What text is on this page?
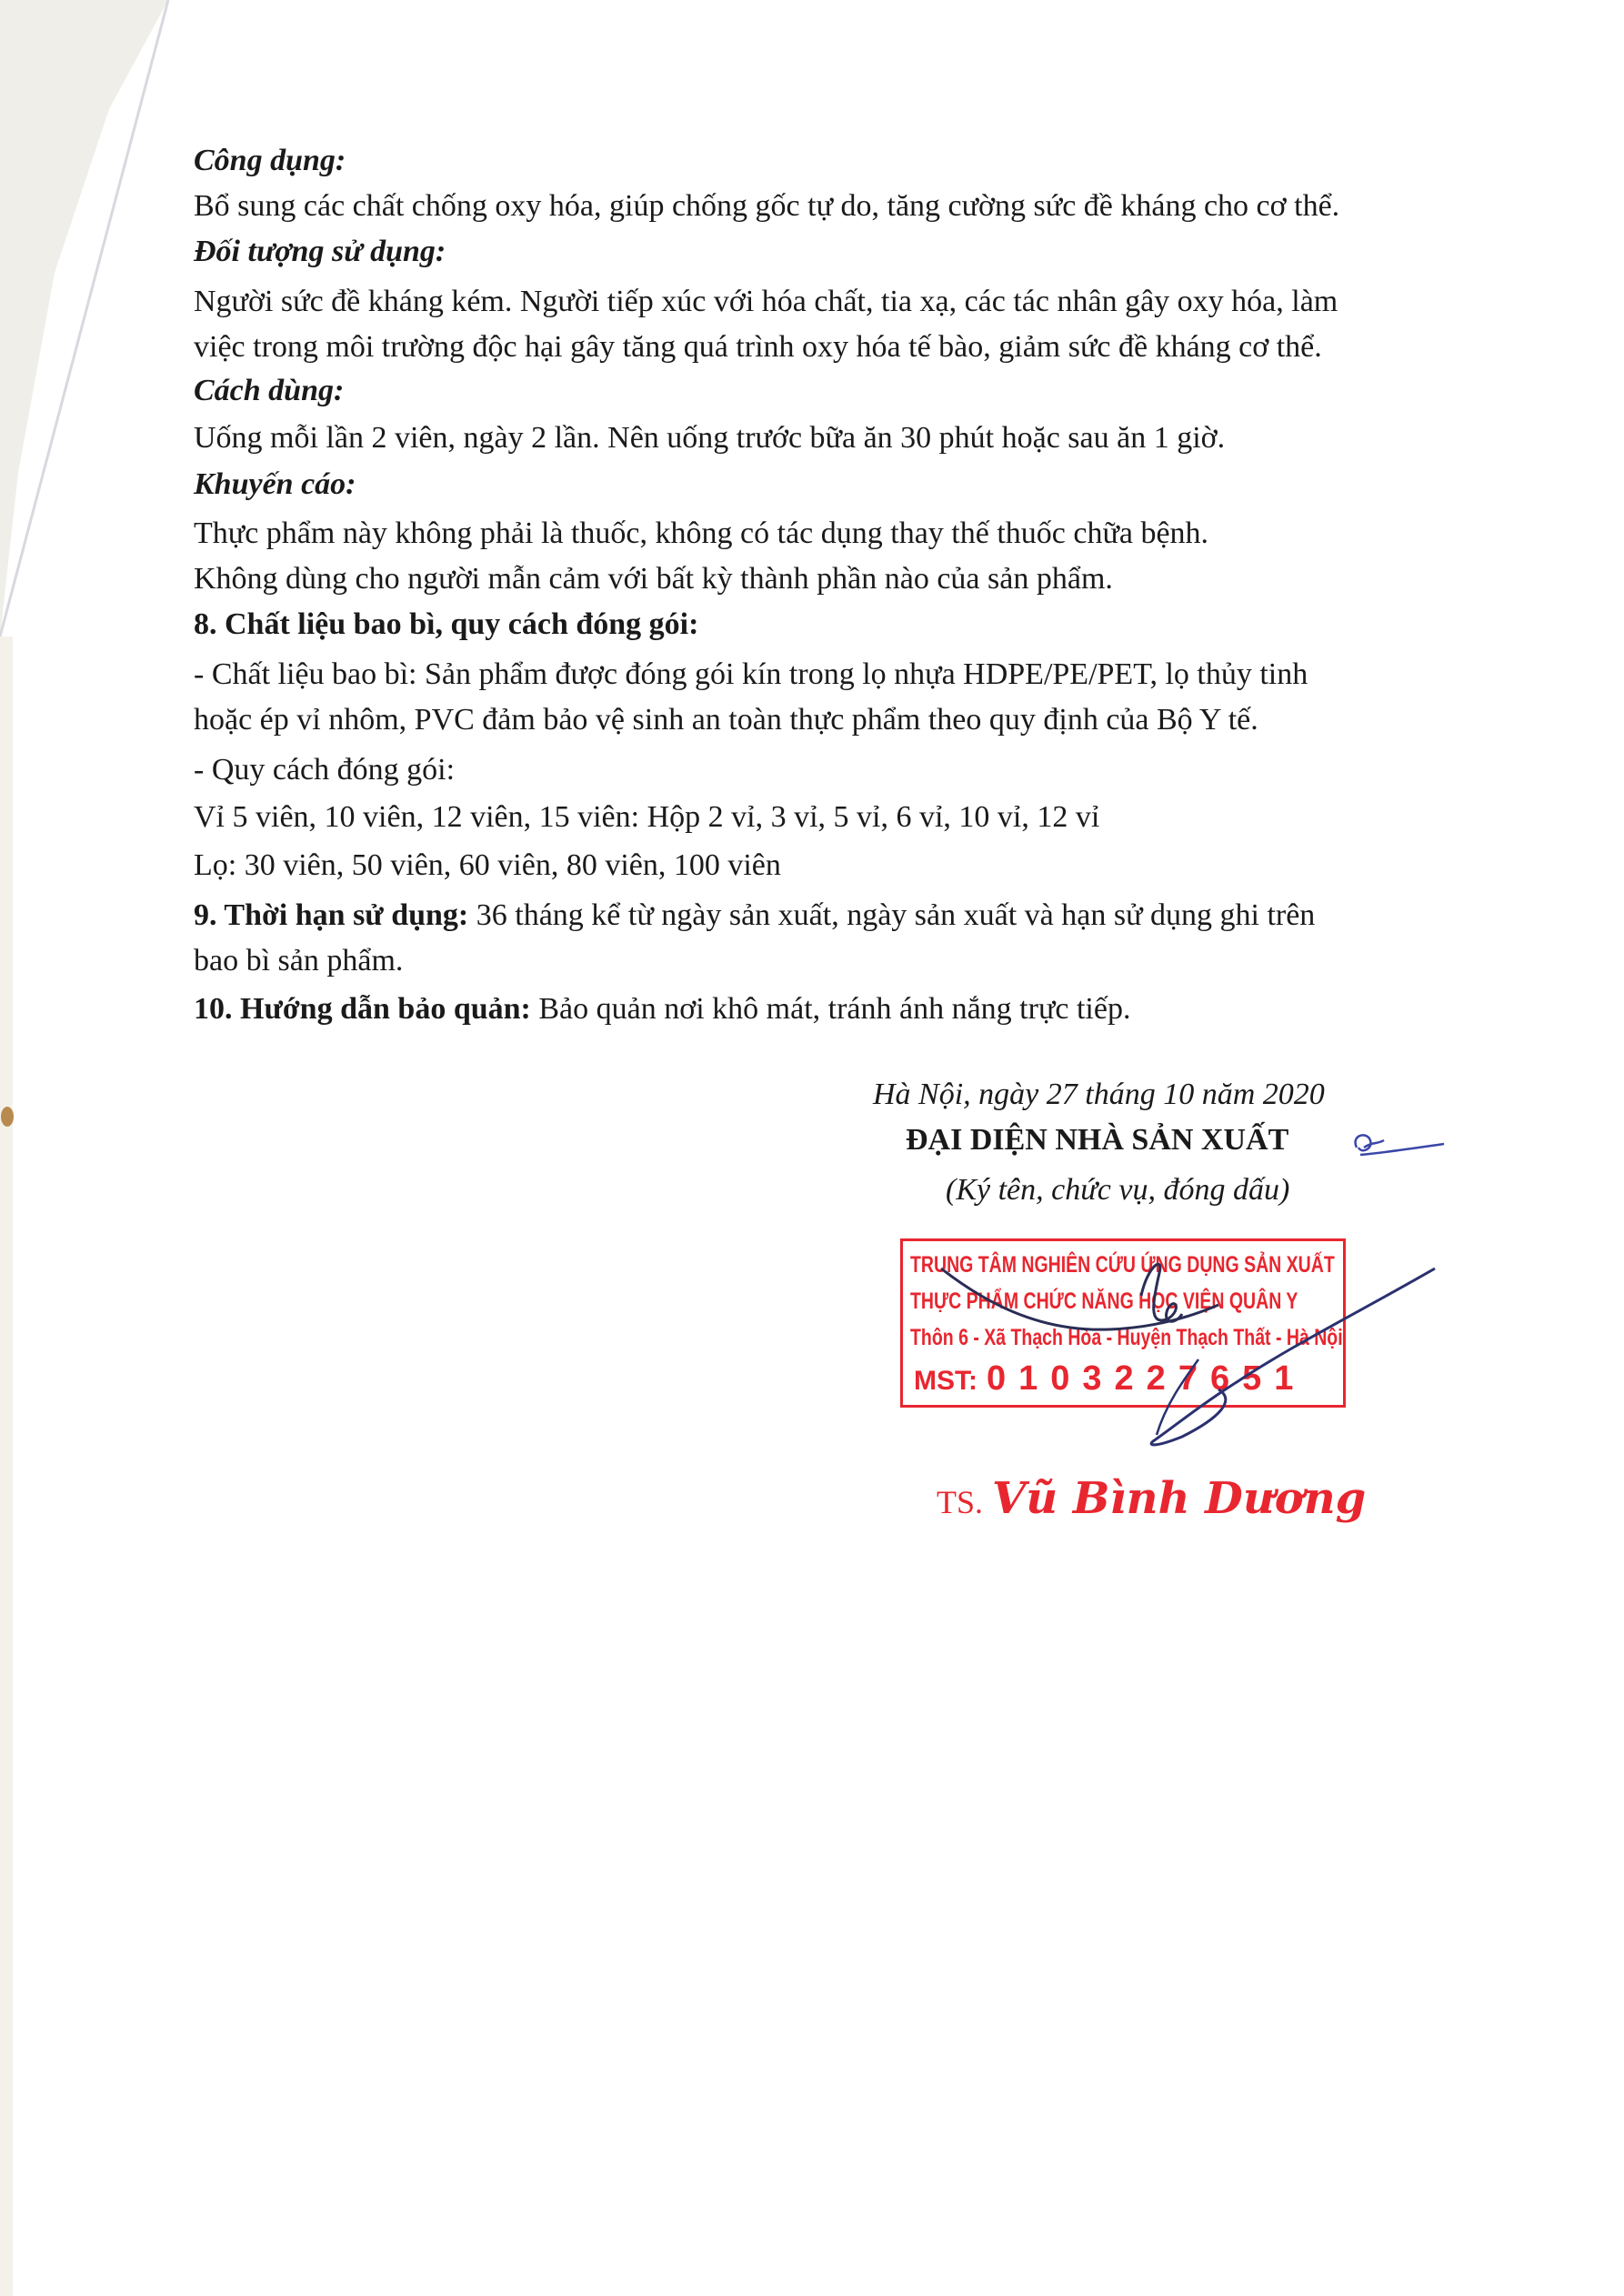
Công dụng:
Bổ sung các chất chống oxy hóa, giúp chống gốc tự do, tăng cường sức đề kháng cho cơ thể.
Đối tượng sử dụng:
Người sức đề kháng kém. Người tiếp xúc với hóa chất, tia xạ, các tác nhân gây oxy hóa, làm
việc trong môi trường độc hại gây tăng quá trình oxy hóa tế bào, giảm sức đề kháng cơ thể.
Cách dùng:
Uống mỗi lần 2 viên, ngày 2 lần. Nên uống trước bữa ăn 30 phút hoặc sau ăn 1 giờ.
Khuyến cáo:
Thực phẩm này không phải là thuốc, không có tác dụng thay thế thuốc chữa bệnh.
Không dùng cho người mẫn cảm với bất kỳ thành phần nào của sản phẩm.
8. Chất liệu bao bì, quy cách đóng gói:
- Chất liệu bao bì: Sản phẩm được đóng gói kín trong lọ nhựa HDPE/PE/PET, lọ thủy tinh
hoặc ép vỉ nhôm, PVC đảm bảo vệ sinh an toàn thực phẩm theo quy định của Bộ Y tế.
- Quy cách đóng gói:
Vỉ 5 viên, 10 viên, 12 viên, 15 viên: Hộp 2 vỉ, 3 vỉ, 5 vỉ, 6 vỉ, 10 vỉ, 12 vỉ
Lọ: 30 viên, 50 viên, 60 viên, 80 viên, 100 viên
9. Thời hạn sử dụng: 36 tháng kể từ ngày sản xuất, ngày sản xuất và hạn sử dụng ghi trên
bao bì sản phẩm.
10. Hướng dẫn bảo quản: Bảo quản nơi khô mát, tránh ánh nắng trực tiếp.
Hà Nội, ngày 27 tháng 10 năm 2020
ĐẠI DIỆN NHÀ SẢN XUẤT
(Ký tên, chức vụ, đóng dấu)
TRUNG TÂM NGHIÊN CỨU ỨNG DỤNG SẢN XUẤT
THỰC PHẨM CHỨC NĂNG HỌC VIỆN QUÂN Y
Thôn 6 - Xã Thạch Hòa - Huyện Thạch Thất - Hà Nội
MST: 0103227651
TS. Vũ Bình Dương
